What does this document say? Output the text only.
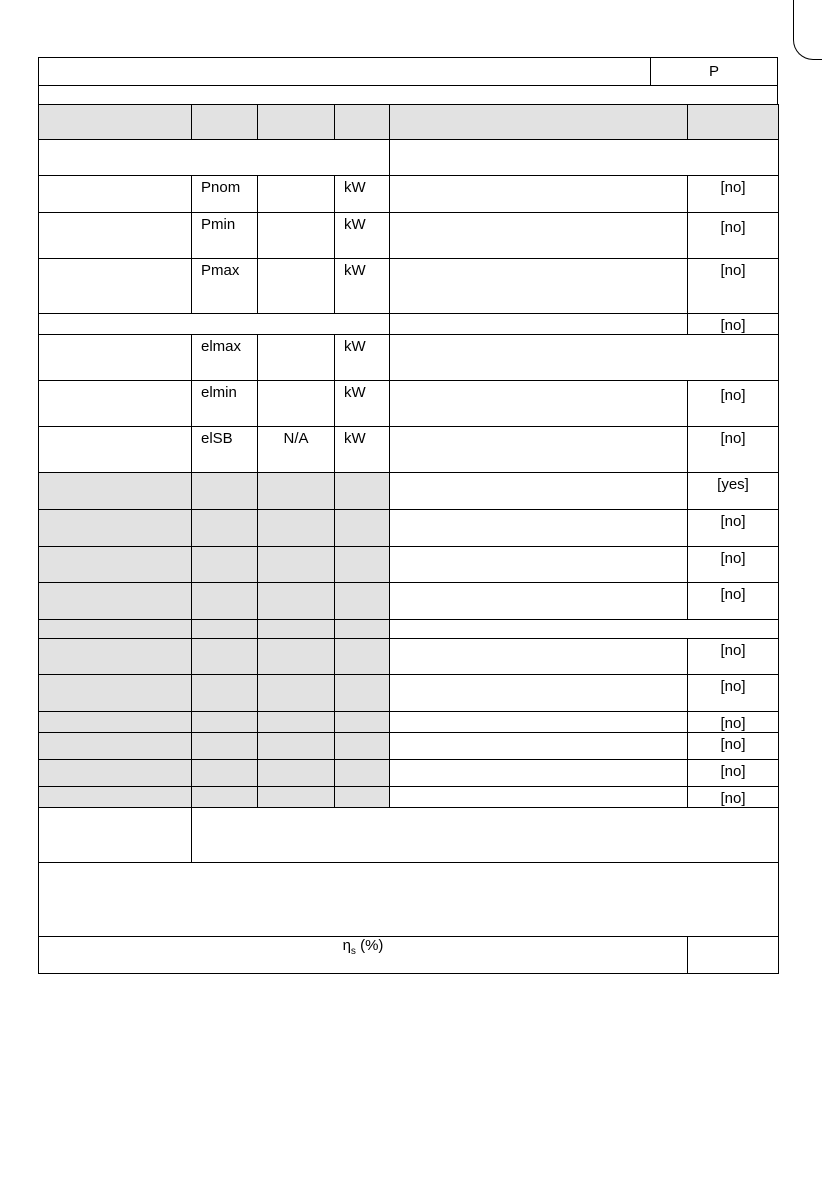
P

	Pnom		kW		[no]
	Pmin		kW		[no]
	Pmax		kW		[no]
					[no]
	elmax		kW		
	elmin		kW		[no]
	elSB	N/A	kW		[no]
					[yes]
					[no]
					[no]
					[no]

					[no]
					[no]
					[no]
					[no]
					[no]
					[no]

$\eta_s$ (%)					
